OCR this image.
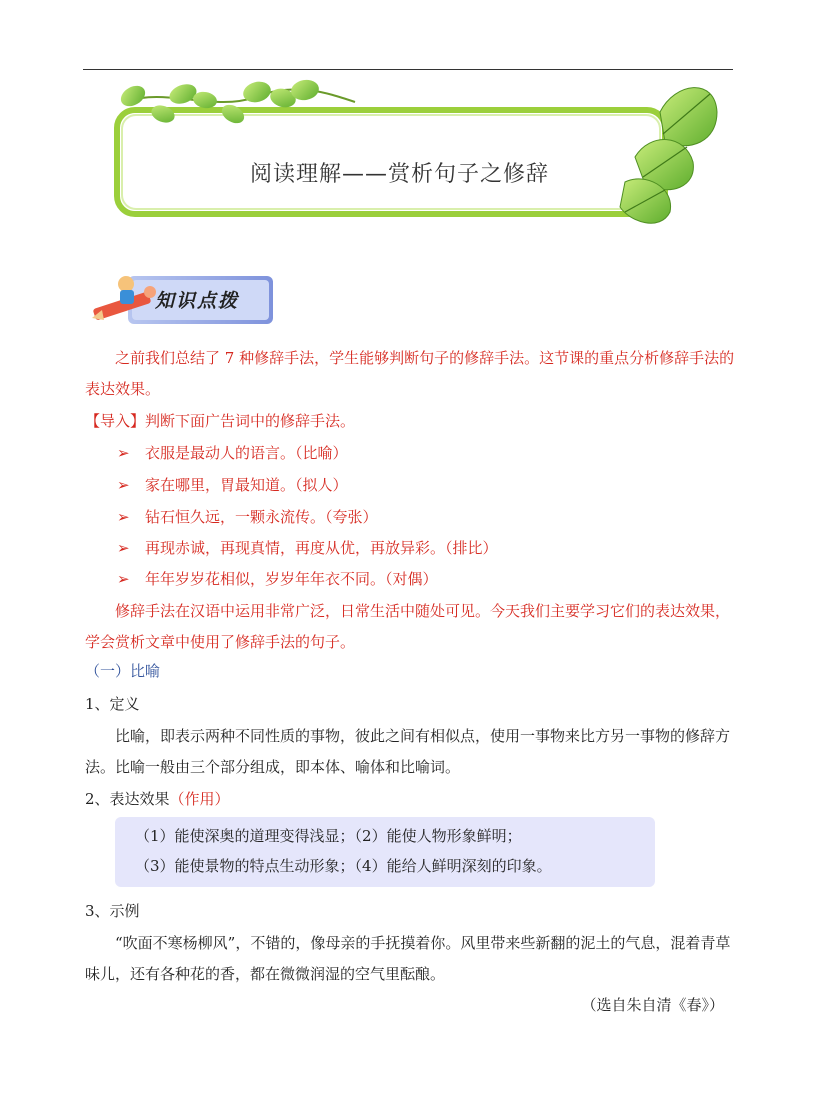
阅读理解——赏析句子之修辞
知识点拨
之前我们总结了 7 种修辞手法，学生能够判断句子的修辞手法。这节课的重点分析修辞手法的表达效果。
【导入】判断下面广告词中的修辞手法。
➢ 衣服是最动人的语言。（比喻）
➢ 家在哪里，胃最知道。（拟人）
➢ 钻石恒久远，一颗永流传。（夸张）
➢ 再现赤诚，再现真情，再度从优，再放异彩。（排比）
➢ 年年岁岁花相似，岁岁年年衣不同。（对偶）
修辞手法在汉语中运用非常广泛，日常生活中随处可见。今天我们主要学习它们的表达效果，学会赏析文章中使用了修辞手法的句子。
（一）比喻
1、定义
比喻，即表示两种不同性质的事物，彼此之间有相似点，使用一事物来比方另一事物的修辞方法。比喻一般由三个部分组成，即本体、喻体和比喻词。
2、表达效果（作用）
（1）能使深奥的道理变得浅显；（2）能使人物形象鲜明；
（3）能使景物的特点生动形象；（4）能给人鲜明深刻的印象。
3、示例
“吹面不寒杨柳风”，不错的，像母亲的手抚摸着你。风里带来些新翻的泥土的气息，混着青草味儿，还有各种花的香，都在微微润湿的空气里酝酿。
（选自朱自清《春》）
